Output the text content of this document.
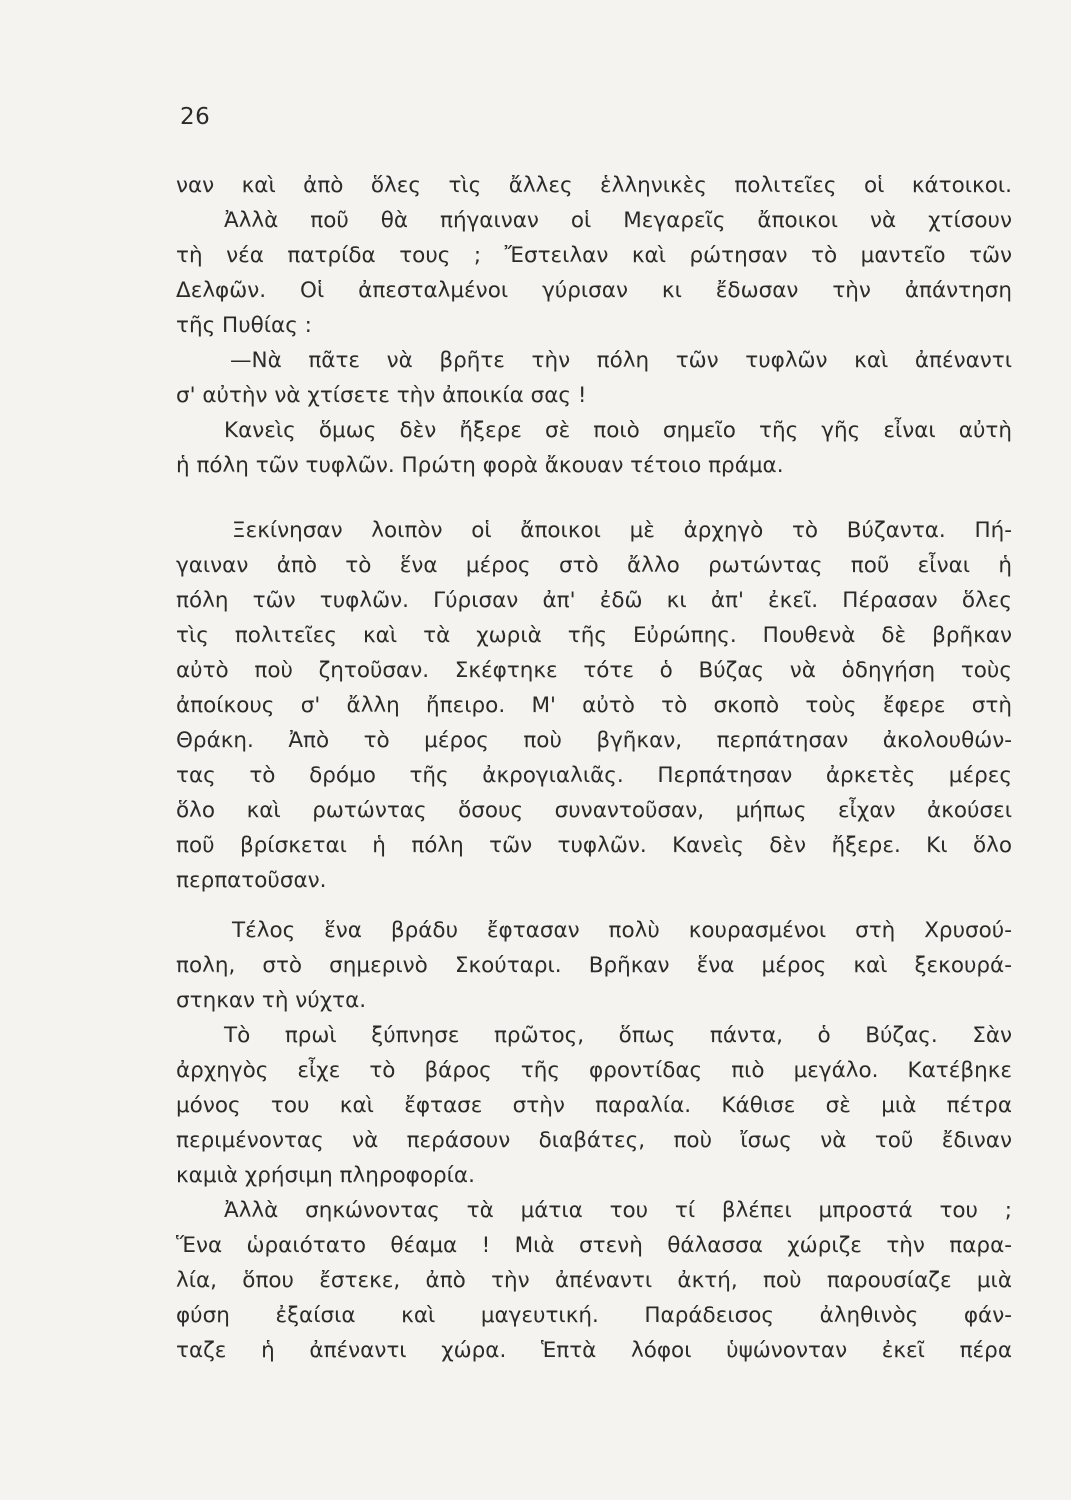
26
ναν καὶ ἀπὸ ὅλες τὶς ἄλλες ἑλληνικὲς πολιτεῖες οἱ κάτοικοι.
Ἀλλὰ ποῦ θὰ πήγαιναν οἱ Μεγαρεῖς ἄποικοι νὰ χτίσουν
τὴ νέα πατρίδα τους ; Ἔστειλαν καὶ ρώτησαν τὸ μαντεῖο τῶν
Δελφῶν. Οἱ ἀπεσταλμένοι γύρισαν κι ἔδωσαν τὴν ἀπάντηση
τῆς Πυθίας :
—Νὰ πᾶτε νὰ βρῆτε τὴν πόλη τῶν τυφλῶν καὶ ἀπέναντι
σ' αὐτὴν νὰ χτίσετε τὴν ἀποικία σας !
Κανεὶς ὅμως δὲν ἤξερε σὲ ποιὸ σημεῖο τῆς γῆς εἶναι αὐτὴ
ἡ πόλη τῶν τυφλῶν. Πρώτη φορὰ ἄκουαν τέτοιο πράμα.
Ξεκίνησαν λοιπὸν οἱ ἄποικοι μὲ ἀρχηγὸ τὸ Βύζαντα. Πή-
γαιναν ἀπὸ τὸ ἕνα μέρος στὸ ἄλλο ρωτώντας ποῦ εἶναι ἡ
πόλη τῶν τυφλῶν. Γύρισαν ἀπ' ἐδῶ κι ἀπ' ἐκεῖ. Πέρασαν ὅλες
τὶς πολιτεῖες καὶ τὰ χωριὰ τῆς Εὐρώπης. Πουθενὰ δὲ βρῆκαν
αὐτὸ ποὺ ζητοῦσαν. Σκέφτηκε τότε ὁ Βύζας νὰ ὁδηγήση τοὺς
ἀποίκους σ' ἄλλη ἤπειρο. Μ' αὐτὸ τὸ σκοπὸ τοὺς ἔφερε στὴ
Θράκη. Ἀπὸ τὸ μέρος ποὺ βγῆκαν, περπάτησαν ἀκολουθών-
τας τὸ δρόμο τῆς ἀκρογιαλιᾶς. Περπάτησαν ἀρκετὲς μέρες
ὅλο καὶ ρωτώντας ὅσους συναντοῦσαν, μήπως εἶχαν ἀκούσει
ποῦ βρίσκεται ἡ πόλη τῶν τυφλῶν. Κανεὶς δὲν ἤξερε. Κι ὅλο
περπατοῦσαν.
Τέλος ἕνα βράδυ ἔφτασαν πολὺ κουρασμένοι στὴ Χρυσού-
πολη, στὸ σημερινὸ Σκούταρι. Βρῆκαν ἕνα μέρος καὶ ξεκουρά-
στηκαν τὴ νύχτα.
Τὸ πρωὶ ξύπνησε πρῶτος, ὅπως πάντα, ὁ Βύζας. Σὰν
ἀρχηγὸς εἶχε τὸ βάρος τῆς φροντίδας πιὸ μεγάλο. Κατέβηκε
μόνος του καὶ ἔφτασε στὴν παραλία. Κάθισε σὲ μιὰ πέτρα
περιμένοντας νὰ περάσουν διαβάτες, ποὺ ἴσως νὰ τοῦ ἔδιναν
καμιὰ χρήσιμη πληροφορία.
Ἀλλὰ σηκώνοντας τὰ μάτια του τί βλέπει μπροστά του ;
Ἕνα ὡραιότατο θέαμα ! Μιὰ στενὴ θάλασσα χώριζε τὴν παρα-
λία, ὅπου ἔστεκε, ἀπὸ τὴν ἀπέναντι ἀκτή, ποὺ παρουσίαζε μιὰ
φύση ἐξαίσια καὶ μαγευτική. Παράδεισος ἀληθινὸς φάν-
ταζε ἡ ἀπέναντι χώρα. Ἑπτὰ λόφοι ὑψώνονταν ἐκεῖ πέρα
